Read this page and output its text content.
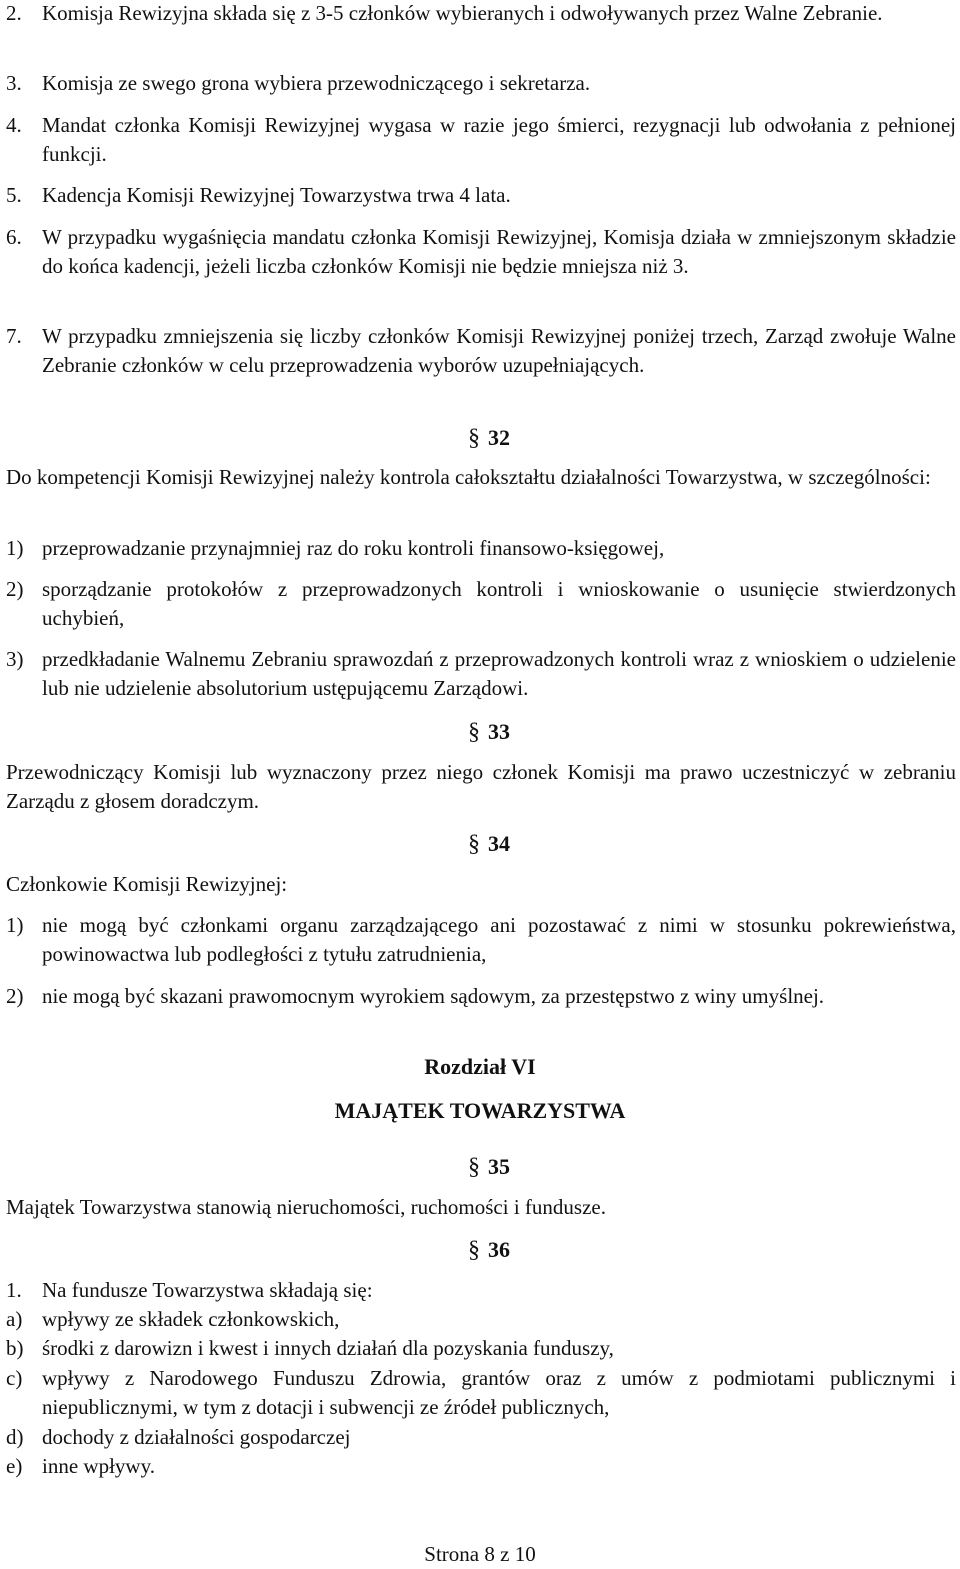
2. Komisja Rewizyjna składa się z 3-5 członków wybieranych i odwoływanych przez Walne Zebranie.
3. Komisja ze swego grona wybiera przewodniczącego i sekretarza.
4. Mandat członka Komisji Rewizyjnej wygasa w razie jego śmierci, rezygnacji lub odwołania z pełnionej funkcji.
5. Kadencja Komisji Rewizyjnej Towarzystwa trwa 4 lata.
6. W przypadku wygaśnięcia mandatu członka Komisji Rewizyjnej, Komisja działa w zmniejszonym składzie do końca kadencji, jeżeli liczba członków Komisji nie będzie mniejsza niż 3.
7. W przypadku zmniejszenia się liczby członków Komisji Rewizyjnej poniżej trzech, Zarząd zwołuje Walne Zebranie członków w celu przeprowadzenia wyborów uzupełniających.
§ 32

Do kompetencji Komisji Rewizyjnej należy kontrola całokształtu działalności Towarzystwa, w szczególności:

1) przeprowadzanie przynajmniej raz do roku kontroli finansowo-księgowej,
2) sporządzanie protokołów z przeprowadzonych kontroli i wnioskowanie o usunięcie stwierdzonych uchybień,
3) przedkładanie Walnemu Zebraniu sprawozdań z przeprowadzonych kontroli wraz z wnioskiem o udzielenie lub nie udzielenie absolutorium ustępującemu Zarządowi.
§ 33

Przewodniczący Komisji lub wyznaczony przez niego członek Komisji ma prawo uczestniczyć w zebraniu Zarządu z głosem doradczym.

§ 34

Członkowie Komisji Rewizyjnej:

1) nie mogą być członkami organu zarządzającego ani pozostawać z nimi w stosunku pokrewieństwa, powinowactwa lub podległości z tytułu zatrudnienia,
2) nie mogą być skazani prawomocnym wyrokiem sądowym, za przestępstwo z winy umyślnej.
Rozdział VI
MAJĄTEK TOWARZYSTWA
§ 35

Majątek Towarzystwa stanowią nieruchomości, ruchomości i fundusze.

§ 36
1. Na fundusze Towarzystwa składają się:
a) wpływy ze składek członkowskich,
b) środki z darowizn i kwest i innych działań dla pozyskania funduszy,
c) wpływy z Narodowego Funduszu Zdrowia, grantów oraz z umów z podmiotami publicznymi i niepublicznymi, w tym z dotacji i subwencji ze źródeł publicznych,
d) dochody z działalności gospodarczej
e) inne wpływy.
Strona 8 z 10
